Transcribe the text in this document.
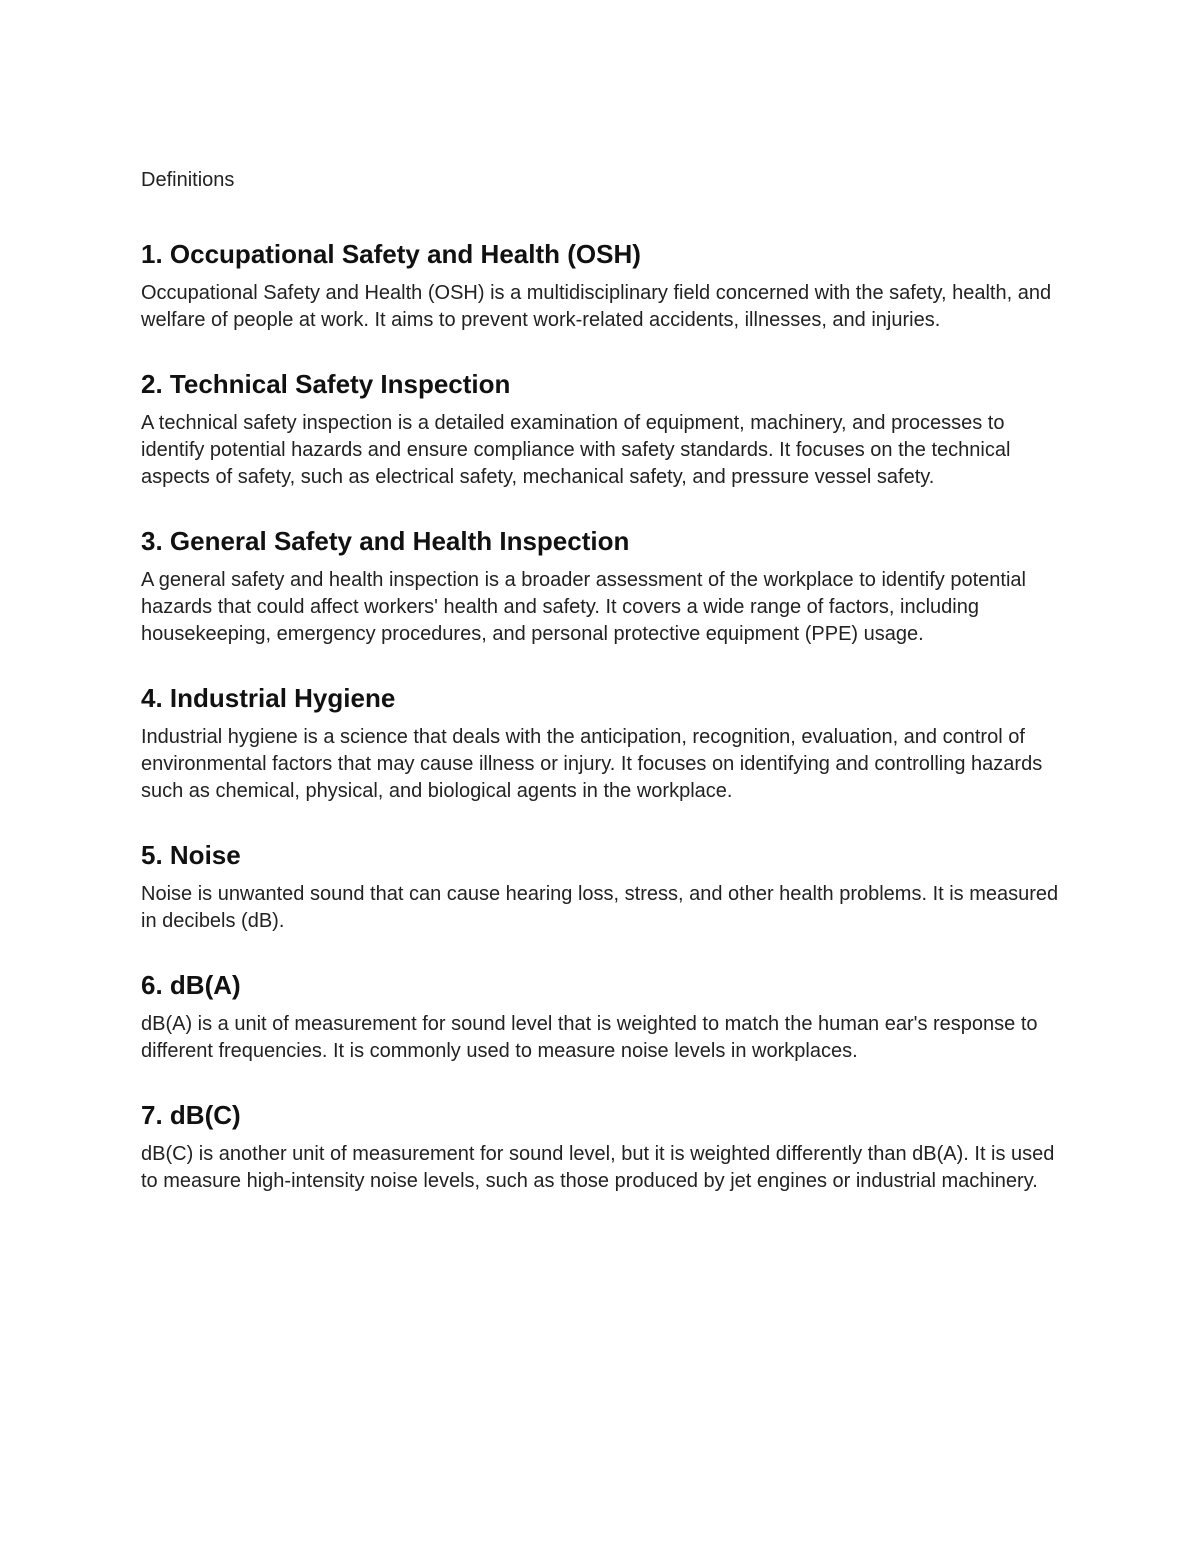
Definitions
1. Occupational Safety and Health (OSH)

Occupational Safety and Health (OSH) is a multidisciplinary field concerned with the safety, health, and welfare of people at work. It aims to prevent work-related accidents, illnesses, and injuries.

2. Technical Safety Inspection

A technical safety inspection is a detailed examination of equipment, machinery, and processes to identify potential hazards and ensure compliance with safety standards. It focuses on the technical aspects of safety, such as electrical safety, mechanical safety, and pressure vessel safety.

3. General Safety and Health Inspection

A general safety and health inspection is a broader assessment of the workplace to identify potential hazards that could affect workers' health and safety. It covers a wide range of factors, including housekeeping, emergency procedures, and personal protective equipment (PPE) usage.

4. Industrial Hygiene

Industrial hygiene is a science that deals with the anticipation, recognition, evaluation, and control of environmental factors that may cause illness or injury. It focuses on identifying and controlling hazards such as chemical, physical, and biological agents in the workplace.

5. Noise

Noise is unwanted sound that can cause hearing loss, stress, and other health problems. It is measured in decibels (dB).

6. dB(A)

dB(A) is a unit of measurement for sound level that is weighted to match the human ear's response to different frequencies. It is commonly used to measure noise levels in workplaces.

7. dB(C)

dB(C) is another unit of measurement for sound level, but it is weighted differently than dB(A). It is used to measure high-intensity noise levels, such as those produced by jet engines or industrial machinery.
